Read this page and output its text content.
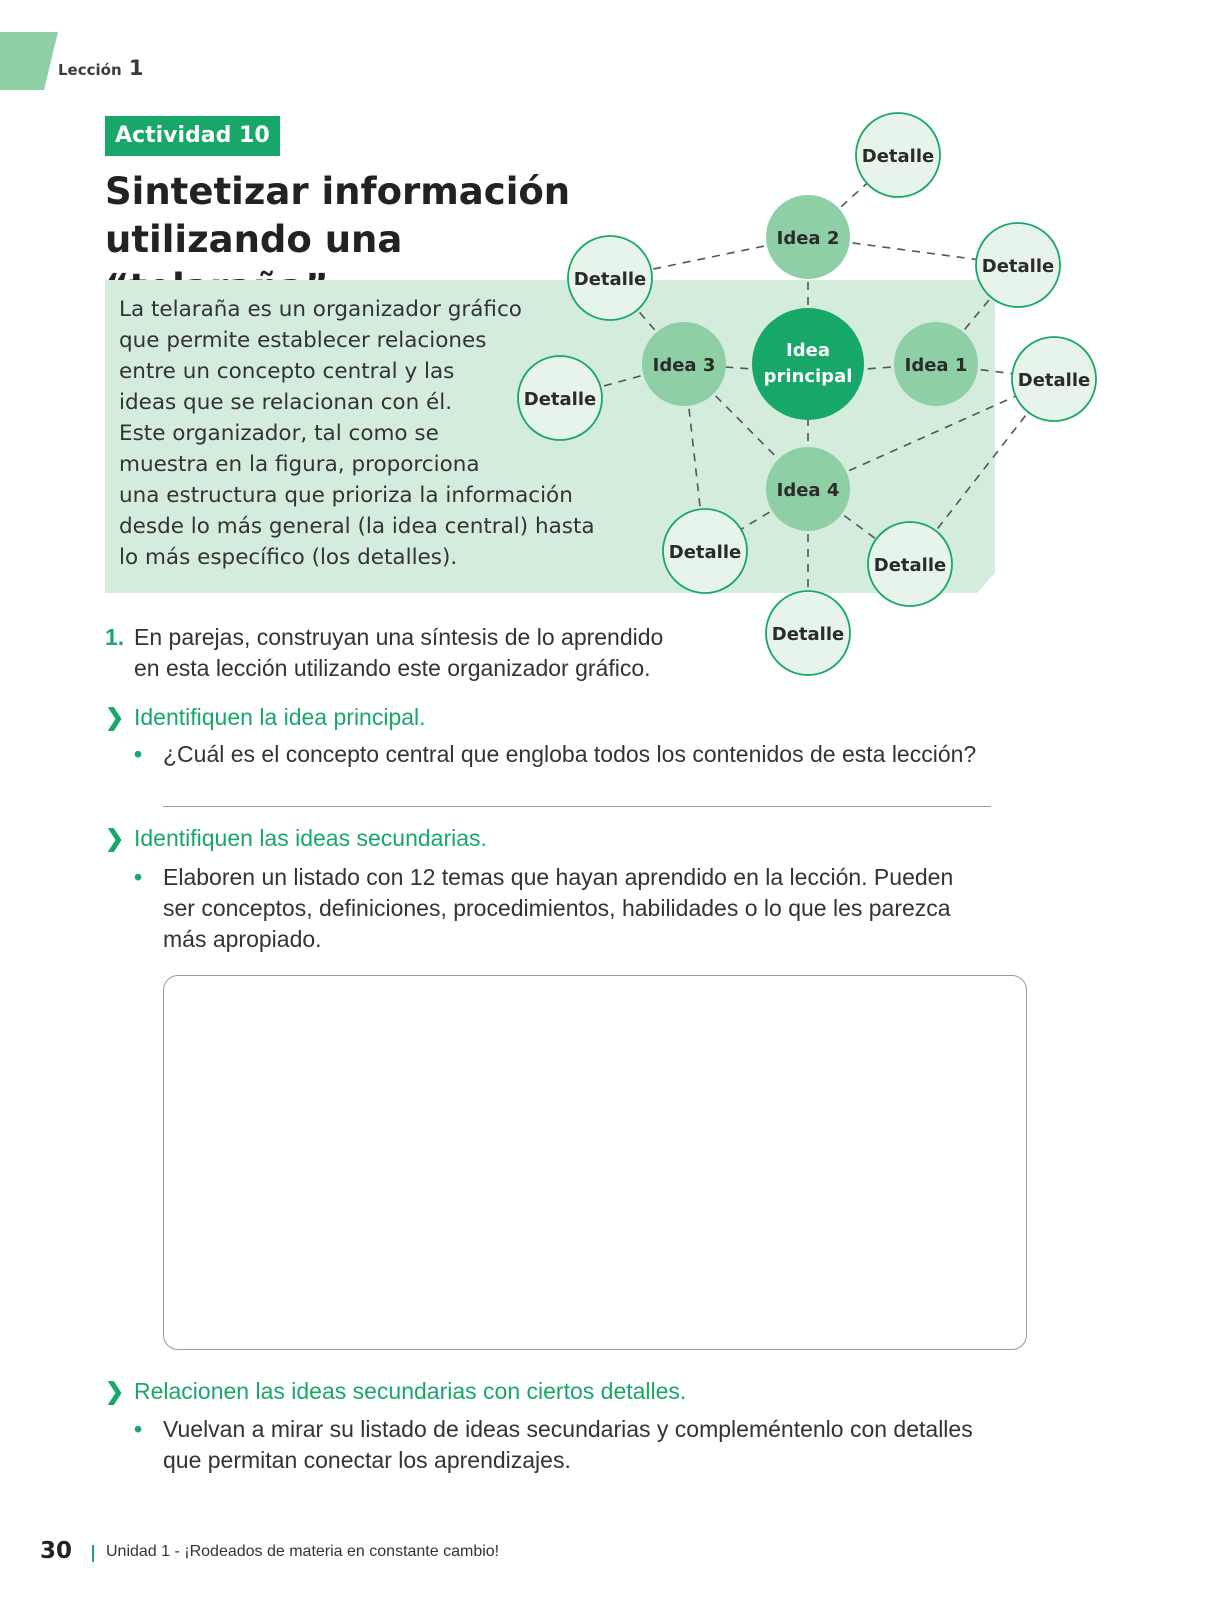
Lección 1
Actividad 10
Sintetizar información
utilizando una

La telaraña es un organizador gráfico
que permite establecer relaciones
entre un concepto central y las
ideas que se relacionan con él.
Este organizador, tal como se
muestra en la figura, proporciona
una estructura que prioriza la información
desde lo más general (la idea central) hasta
lo más específico (los detalles).

Detalle
Detalle
Detalle
Detalle
Detalle
Detalle
Detalle
Detalle
Idea 2
Idea 1
Idea 3
Idea 4
Idea
principal
1. En parejas, construyan una síntesis de lo aprendido
en esta lección utilizando este organizador gráfico.
❯ Identifiquen la idea principal.
• ¿Cuál es el concepto central que engloba todos los contenidos de esta lección?
❯ Identifiquen las ideas secundarias.
• Elaboren un listado con 12 temas que hayan aprendido en la lección. Pueden
ser conceptos, definiciones, procedimientos, habilidades o lo que les parezca
más apropiado.
❯ Relacionen las ideas secundarias con ciertos detalles.
• Vuelvan a mirar su listado de ideas secundarias y compleméntenlo con detalles
que permitan conectar los aprendizajes.
30 Unidad 1 - ¡Rodeados de materia en constante cambio!
